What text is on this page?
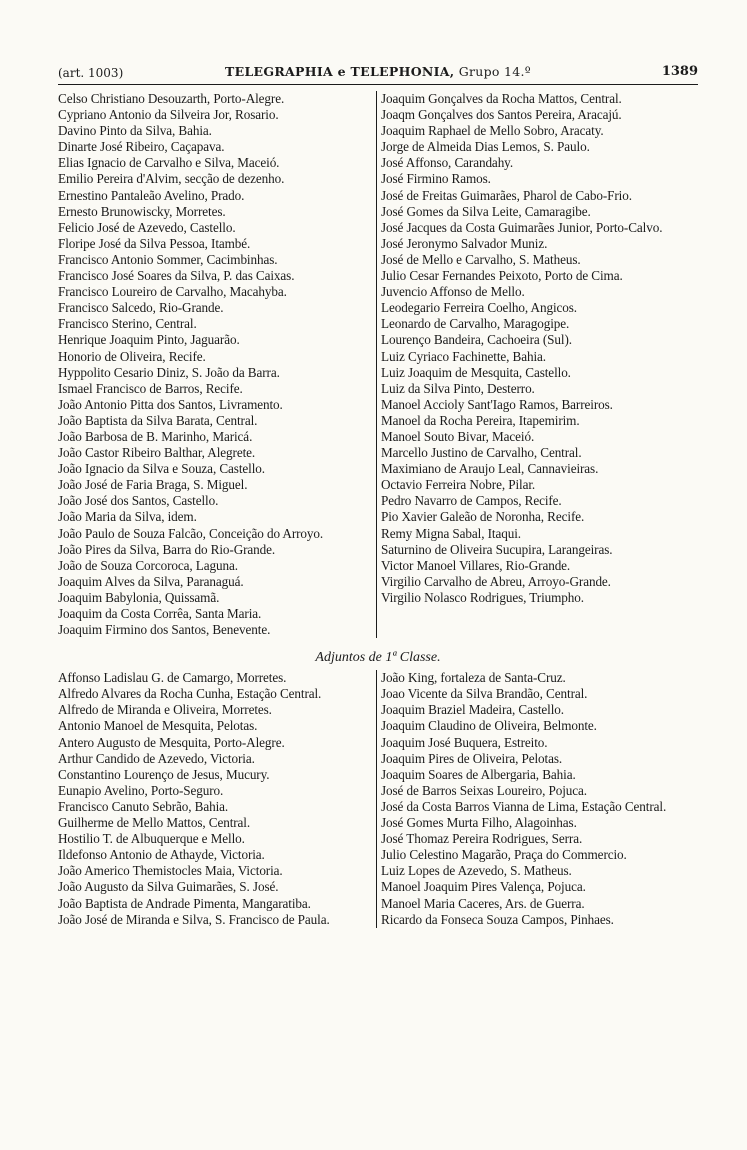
(art. 1003)	TELEGRAPHIA e TELEPHONIA, Grupo 14.º	1389
Celso Christiano Desouzarth, Porto-Alegre.
Cypriano Antonio da Silveira Jor, Rosario.
Davino Pinto da Silva, Bahia.
Dinarte José Ribeiro, Caçapava.
Elias Ignacio de Carvalho e Silva, Maceió.
Emilio Pereira d'Alvim, secção de dezenho.
Ernestino Pantaleão Avelino, Prado.
Ernesto Brunowiscky, Morretes.
Felicio José de Azevedo, Castello.
Floripe José da Silva Pessoa, Itambé.
Francisco Antonio Sommer, Cacimbinhas.
Francisco José Soares da Silva, P. das Caixas.
Francisco Loureiro de Carvalho, Macahyba.
Francisco Salcedo, Rio-Grande.
Francisco Sterino, Central.
Henrique Joaquim Pinto, Jaguarão.
Honorio de Oliveira, Recife.
Hyppolito Cesario Diniz, S. João da Barra.
Ismael Francisco de Barros, Recife.
João Antonio Pitta dos Santos, Livramento.
João Baptista da Silva Barata, Central.
João Barbosa de B. Marinho, Maricá.
João Castor Ribeiro Balthar, Alegrete.
João Ignacio da Silva e Souza, Castello.
João José de Faria Braga, S. Miguel.
João José dos Santos, Castello.
João Maria da Silva, idem.
João Paulo de Souza Falcão, Conceição do Arroyo.
João Pires da Silva, Barra do Rio-Grande.
João de Souza Corcoroca, Laguna.
Joaquim Alves da Silva, Paranaguá.
Joaquim Babylonia, Quissamã.
Joaquim da Costa Corrêa, Santa Maria.
Joaquim Firmino dos Santos, Benevente.
Joaquim Gonçalves da Rocha Mattos, Central.
Joaqm Gonçalves dos Santos Pereira, Aracajú.
Joaquim Raphael de Mello Sobro, Aracaty.
Jorge de Almeida Dias Lemos, S. Paulo.
José Affonso, Carandahy.
José Firmino Ramos.
José de Freitas Guimarães, Pharol de Cabo-Frio.
José Gomes da Silva Leite, Camaragibe.
José Jacques da Costa Guimarães Junior, Porto-Calvo.
José Jeronymo Salvador Muniz.
José de Mello e Carvalho, S. Matheus.
Julio Cesar Fernandes Peixoto, Porto de Cima.
Juvencio Affonso de Mello.
Leodegario Ferreira Coelho, Angicos.
Leonardo de Carvalho, Maragogipe.
Lourenço Bandeira, Cachoeira (Sul).
Luiz Cyriaco Fachinette, Bahia.
Luiz Joaquim de Mesquita, Castello.
Luiz da Silva Pinto, Desterro.
Manoel Accioly Sant'Iago Ramos, Barreiros.
Manoel da Rocha Pereira, Itapemirim.
Manoel Souto Bivar, Maceió.
Marcello Justino de Carvalho, Central.
Maximiano de Araujo Leal, Cannavieiras.
Octavio Ferreira Nobre, Pilar.
Pedro Navarro de Campos, Recife.
Pio Xavier Galeão de Noronha, Recife.
Remy Migna Sabal, Itaqui.
Saturnino de Oliveira Sucupira, Larangeiras.
Victor Manoel Villares, Rio-Grande.
Virgilio Carvalho de Abreu, Arroyo-Grande.
Virgilio Nolasco Rodrigues, Triumpho.
Adjuntos de 1ª Classe.
Affonso Ladislau G. de Camargo, Morretes.
Alfredo Alvares da Rocha Cunha, Estação Central.
Alfredo de Miranda e Oliveira, Morretes.
Antonio Manoel de Mesquita, Pelotas.
Antero Augusto de Mesquita, Porto-Alegre.
Arthur Candido de Azevedo, Victoria.
Constantino Lourenço de Jesus, Mucury.
Eunapio Avelino, Porto-Seguro.
Francisco Canuto Sebrão, Bahia.
Guilherme de Mello Mattos, Central.
Hostilio T. de Albuquerque e Mello.
Ildefonso Antonio de Athayde, Victoria.
João Americo Themistocles Maia, Victoria.
João Augusto da Silva Guimarães, S. José.
João Baptista de Andrade Pimenta, Mangaratiba.
João José de Miranda e Silva, S. Francisco de Paula.
João King, fortaleza de Santa-Cruz.
Joao Vicente da Silva Brandão, Central.
Joaquim Braziel Madeira, Castello.
Joaquim Claudino de Oliveira, Belmonte.
Joaquim José Buquera, Estreito.
Joaquim Pires de Oliveira, Pelotas.
Joaquim Soares de Albergaria, Bahia.
José de Barros Seixas Loureiro, Pojuca.
José da Costa Barros Vianna de Lima, Estação Central.
José Gomes Murta Filho, Alagoinhas.
José Thomaz Pereira Rodrigues, Serra.
Julio Celestino Magarão, Praça do Commercio.
Luiz Lopes de Azevedo, S. Matheus.
Manoel Joaquim Pires Valença, Pojuca.
Manoel Maria Caceres, Ars. de Guerra.
Ricardo da Fonseca Souza Campos, Pinhaes.
